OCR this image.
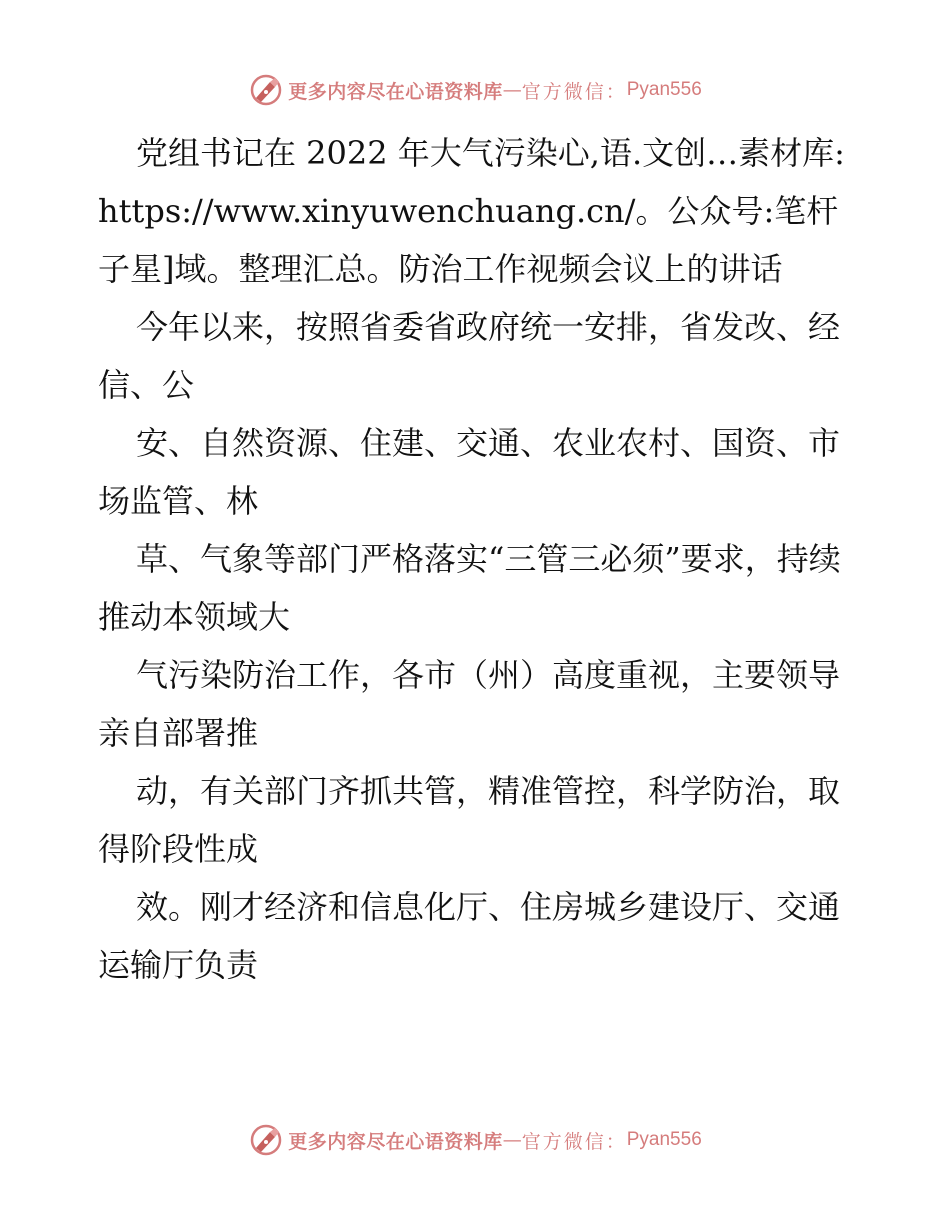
更多内容尽在心语资料库 — 官方微信： Pyan556

党组书记在 2022 年大气污染心,语.文创…素材库: https://www.xinyuwenchuang.cn/。公众号:笔杆子星]域。整理汇总。防治工作视频会议上的讲话

今年以来，按照省委省政府统一安排，省发改、经信、公

安、自然资源、住建、交通、农业农村、国资、市场监管、林

草、气象等部门严格落实“三管三必须”要求，持续推动本领域大

气污染防治工作，各市（州）高度重视，主要领导亲自部署推

动，有关部门齐抓共管，精准管控，科学防治，取得阶段性成

效。刚才经济和信息化厅、住房城乡建设厅、交通运输厅负责

更多内容尽在心语资料库 — 官方微信： Pyan556
